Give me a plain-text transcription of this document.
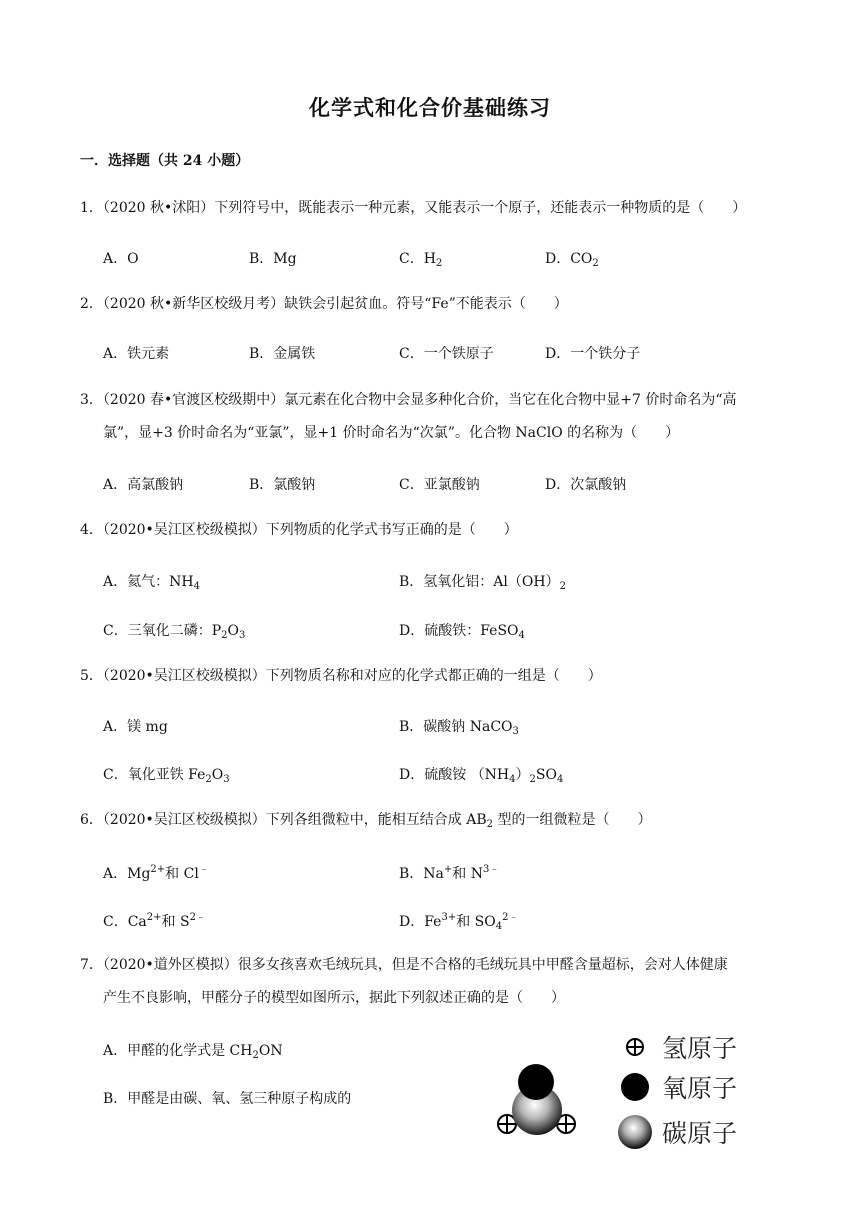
化学式和化合价基础练习
一．选择题（共 24 小题）
1．（2020 秋•沭阳）下列符号中，既能表示一种元素，又能表示一个原子，还能表示一种物质的是（　　）
A．O	B．Mg	C．$H_2$	D．$CO_2$
2．（2020 秋•新华区校级月考）缺铁会引起贫血。符号“Fe”不能表示（　　）
A．铁元素	B．金属铁	C．一个铁原子	D．一个铁分子
3．（2020 春•官渡区校级期中）氯元素在化合物中会显多种化合价，当它在化合物中显+7 价时命名为“高
氯”，显+3 价时命名为“亚氯”，显+1 价时命名为“次氯”。化合物 NaClO 的名称为（　　）
A．高氯酸钠	B．氯酸钠	C．亚氯酸钠	D．次氯酸钠
4．（2020•吴江区校级模拟）下列物质的化学式书写正确的是（　　）
A．氦气：$NH_4$	B．氢氧化铝：$Al(OH)_2$
C．三氧化二磷：$P_2O_3$	D．硫酸铁：FeSO$_4$
5．（2020•吴江区校级模拟）下列物质名称和对应的化学式都正确的一组是（　　）
A．镁 mg	B．碳酸钠 NaCO$_3$
C．氧化亚铁 $Fe_2O_3$	D．硫酸铵 $(NH_4)_2SO_4$
6．（2020•吴江区校级模拟）下列各组微粒中，能相互结合成 $AB_2$ 型的一组微粒是（　　）
A．$Mg^{2+}$和 Cl﹣	B．Na+和 $N^{3﹣}$
C．$Ca^{2+}$和 $S^{2﹣}$	D．$Fe^{3+}$和 $SO_4^{2﹣}$
7．（2020•道外区模拟）很多女孩喜欢毛绒玩具，但是不合格的毛绒玩具中甲醛含量超标，会对人体健康
产生不良影响，甲醛分子的模型如图所示，据此下列叙述正确的是（　　）
A．甲醛的化学式是 $CH_2ON$
B．甲醛是由碳、氧、氢三种原子构成的
氢原子
氧原子
碳原子
